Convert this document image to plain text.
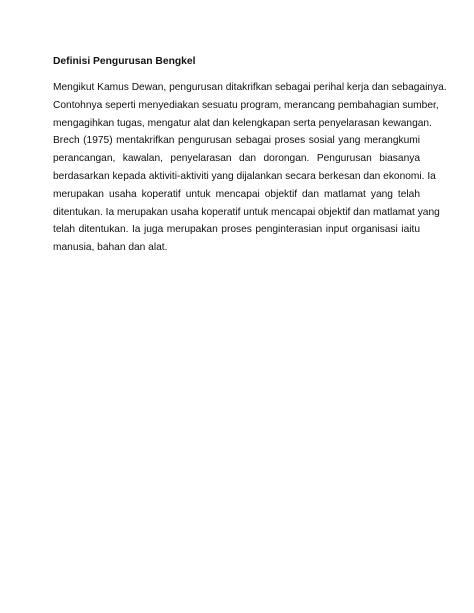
Definisi Pengurusan Bengkel
Mengikut Kamus Dewan, pengurusan ditakrifkan sebagai perihal kerja dan sebagainya.
Contohnya seperti menyediakan sesuatu program, merancang pembahagian sumber,
mengagihkan tugas, mengatur alat dan kelengkapan serta penyelarasan kewangan.
Brech (1975) mentakrifkan pengurusan sebagai proses sosial yang merangkumi
perancangan, kawalan, penyelarasan dan dorongan. Pengurusan biasanya
berdasarkan kepada aktiviti-aktiviti yang dijalankan secara berkesan dan ekonomi. Ia
merupakan usaha koperatif untuk mencapai objektif dan matlamat yang telah
ditentukan. Ia merupakan usaha koperatif untuk mencapai objektif dan matlamat yang
telah ditentukan. Ia juga merupakan proses penginterasian input organisasi iaitu
manusia, bahan dan alat.
